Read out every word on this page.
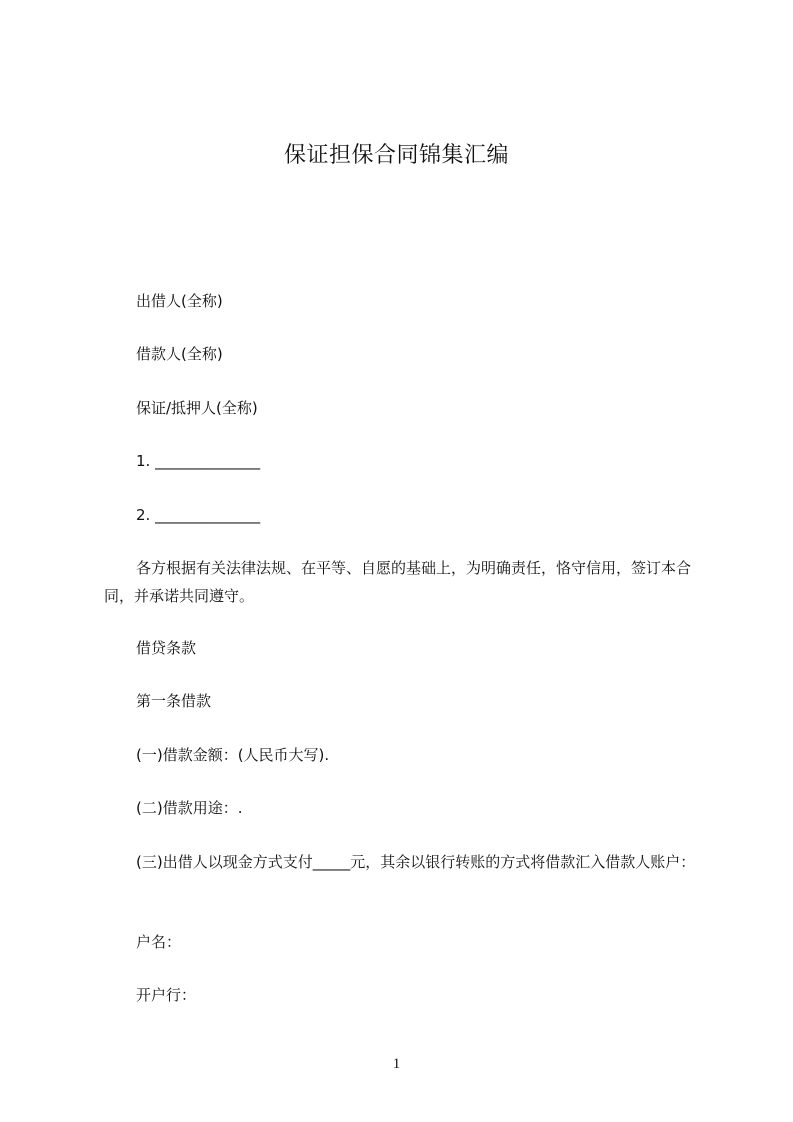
保证担保合同锦集汇编
出借人(全称)
借款人(全称)
保证/抵押人(全称)
1. ______________
2. ______________
各方根据有关法律法规、在平等、自愿的基础上，为明确责任，恪守信用，签订本合同，并承诺共同遵守。
借贷条款
第一条借款
(一)借款金额：(人民币大写).
(二)借款用途：.
(三)出借人以现金方式支付_____元，其余以银行转账的方式将借款汇入借款人账户：
户名：
开户行：
1
